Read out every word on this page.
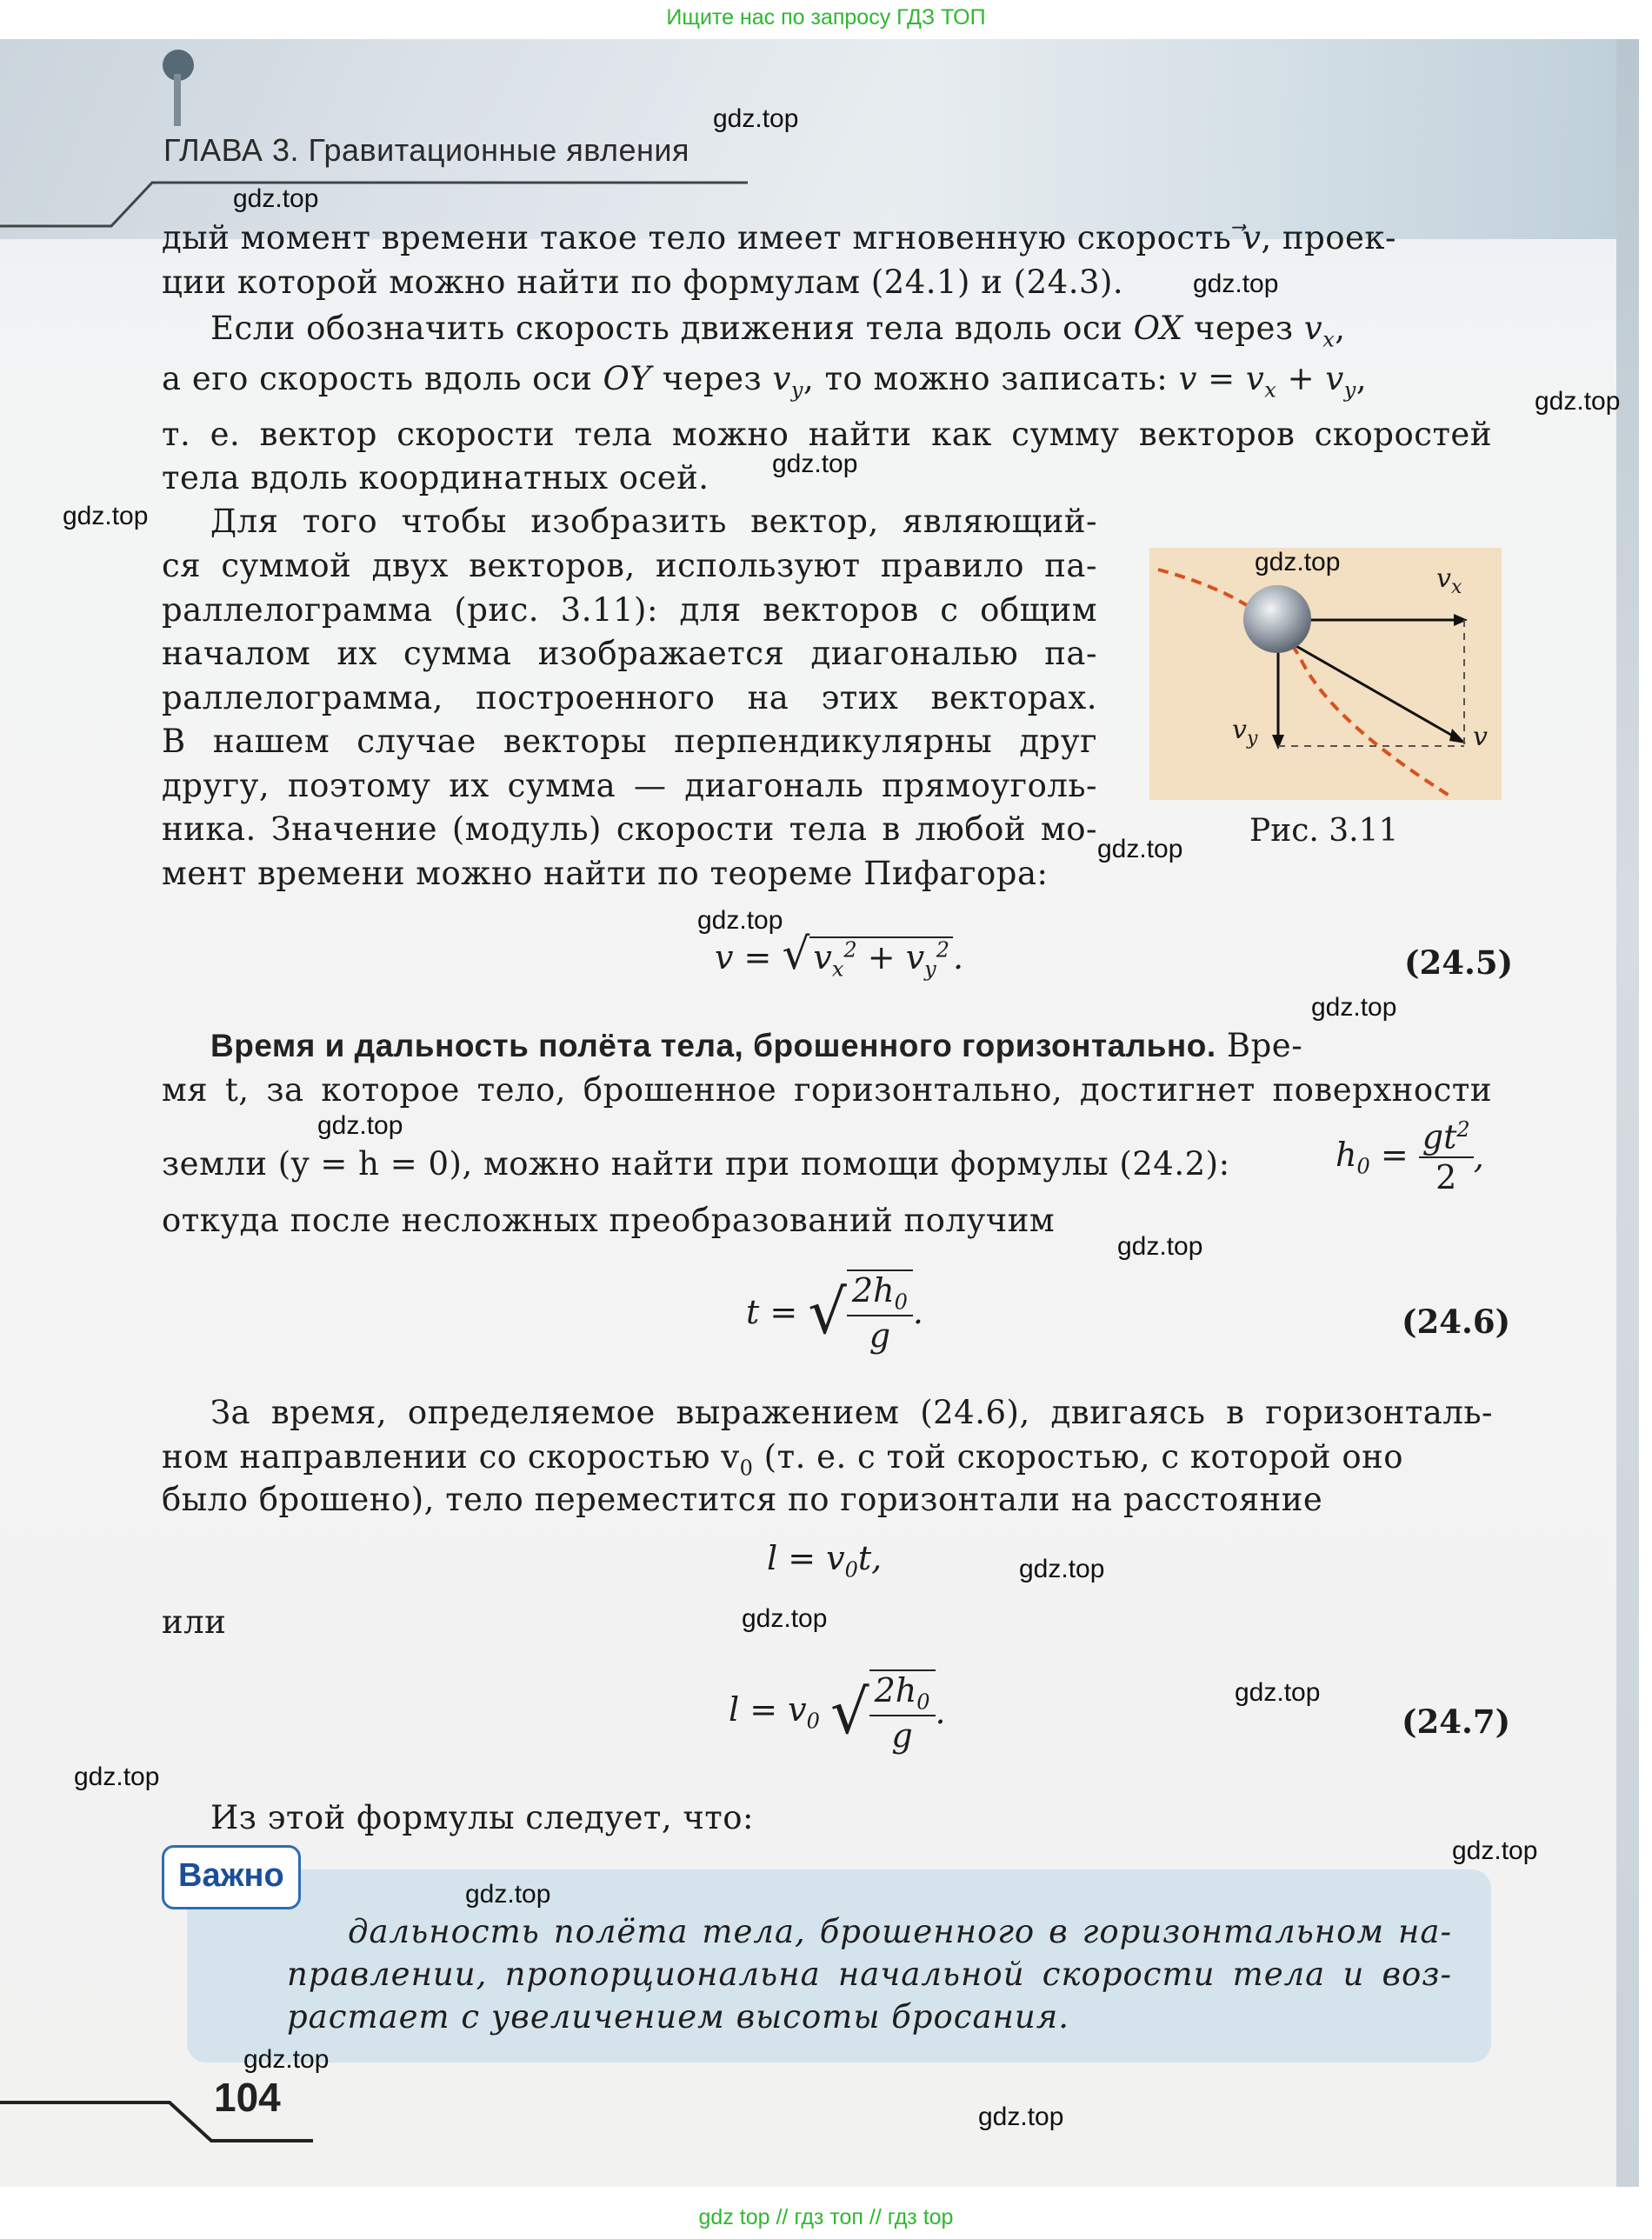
Ищите нас по запросу ГДЗ ТОП
ГЛАВА 3. Гравитационные явления
дый момент времени такое тело имеет мгновенную скорость ⃗v, проек-
ции которой можно найти по формулам (24.1) и (24.3).
Если обозначить скорость движения тела вдоль оси OX через $v_x$,
а его скорость вдоль оси OY через $v_y$, то можно записать: $v = v_x + v_y$,
т. е. вектор скорости тела можно найти как сумму векторов скоростей
тела вдоль координатных осей.
Для того чтобы изобразить вектор, являющий-
ся суммой двух векторов, используют правило па-
раллелограмма (рис. 3.11): для векторов с общим
началом их сумма изображается диагональю па-
раллелограмма, построенного на этих векторах.
В нашем случае векторы перпендикулярны друг
другу, поэтому их сумма — диагональ прямоуголь-
ника. Значение (модуль) скорости тела в любой мо-
мент времени можно найти по теореме Пифагора:
$v_x$
$v_y$	v
Рис. 3.11
v = √ $v_x^2 + v_y^2$ .	(24.5)
Время и дальность полёта тела, брошенного горизонтально. Вре-
мя t, за которое тело, брошенное горизонтально, достигнет поверхности
земли (y = h = 0), можно найти при помощи формулы (24.2):	$h_0 = \frac{gt^2}{2}$ ,
откуда после несложных преобразований получим
t = √ $\frac{2h_0}{g}$ .	(24.6)
За время, определяемое выражением (24.6), двигаясь в горизонталь-
ном направлении со скоростью $v_0$ (т. е. с той скоростью, с которой оно
было брошено), тело переместится по горизонтали на расстояние
$l = v_0t$,
или
$l = v_0$ √ $\frac{2h_0}{g}$ .	(24.7)
Из этой формулы следует, что:
Важно
дальность полёта тела, брошенного в горизонтальном на-
правлении, пропорциональна начальной скорости тела и воз-
растает с увеличением высоты бросания.
104
gdz.top
gdz.top
gdz.top
gdz.top
gdz.top
gdz.top
gdz.top
gdz.top
gdz.top
gdz.top
gdz.top
gdz.top
gdz.top
gdz.top
gdz.top
gdz.top
gdz.top
gdz.top
gdz.top
gdz.top
gdz top // гдз топ // гдз top
